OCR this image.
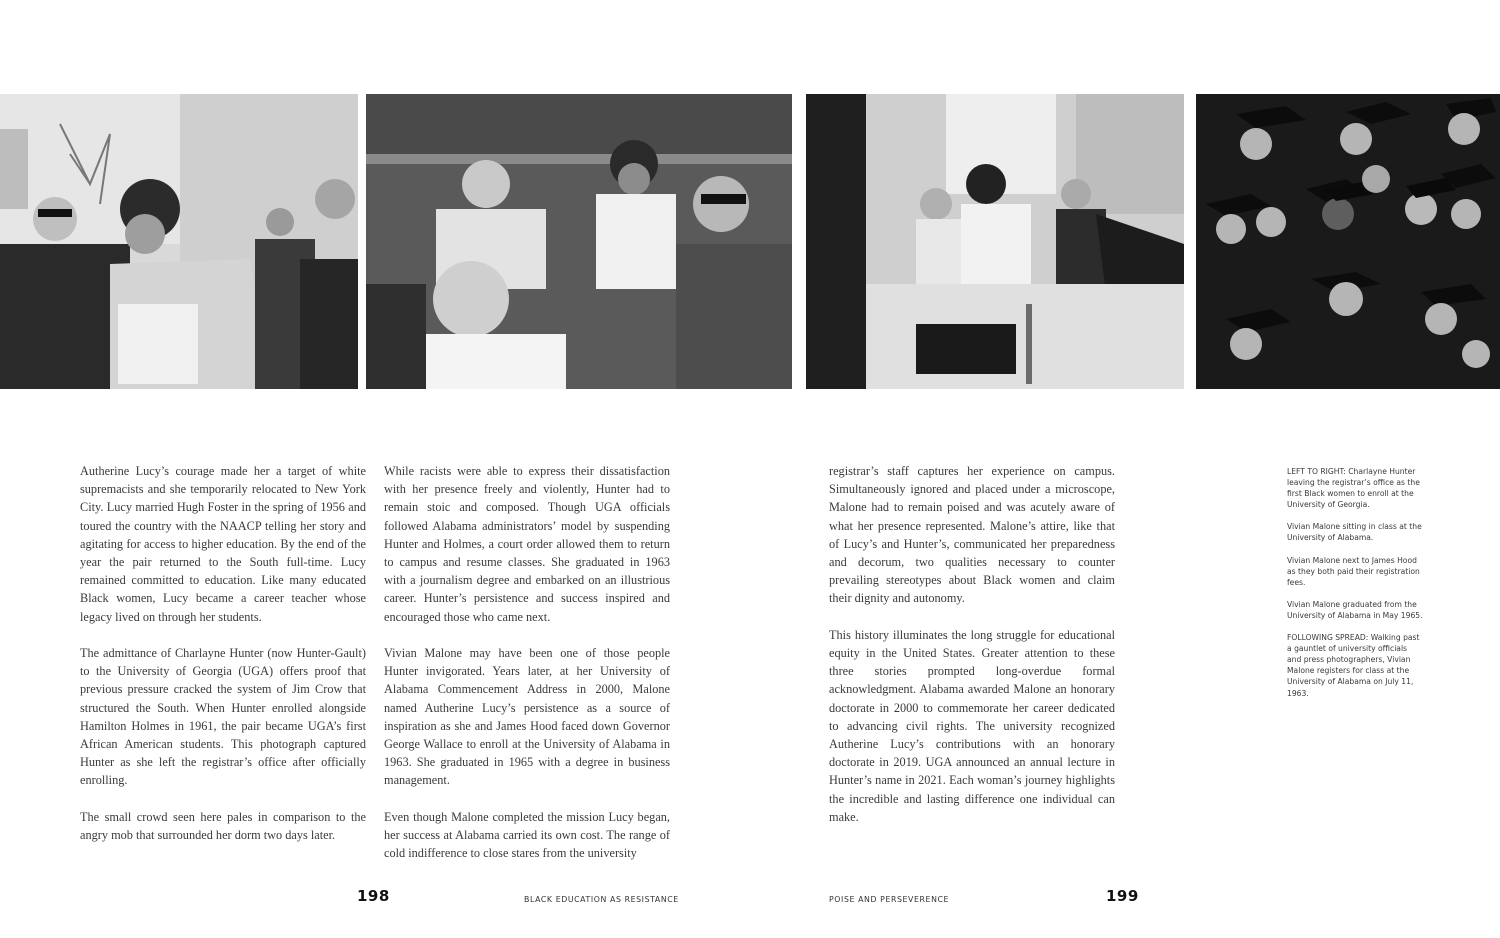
Autherine Lucy’s courage made her a target of white supremacists and she temporarily relocated to New York City. Lucy married Hugh Foster in the spring of 1956 and toured the country with the NAACP telling her story and agitating for access to higher education. By the end of the year the pair returned to the South full-time. Lucy remained committed to education. Like many educated Black women, Lucy became a career teacher whose legacy lived on through her students.

The admittance of Charlayne Hunter (now Hunter-Gault) to the University of Georgia (UGA) offers proof that previous pressure cracked the system of Jim Crow that structured the South. When Hunter enrolled alongside Hamilton Holmes in 1961, the pair became UGA’s first African American students. This photograph captured Hunter as she left the registrar’s office after officially enrolling.

The small crowd seen here pales in comparison to the angry mob that surrounded her dorm two days later.

While racists were able to express their dissatisfaction with her presence freely and violently, Hunter had to remain stoic and composed. Though UGA officials followed Alabama administrators’ model by suspending Hunter and Holmes, a court order allowed them to return to campus and resume classes. She graduated in 1963 with a journalism degree and embarked on an illustrious career. Hunter’s persistence and success inspired and encouraged those who came next.

Vivian Malone may have been one of those people Hunter invigorated. Years later, at her University of Alabama Commencement Address in 2000, Malone named Autherine Lucy’s persistence as a source of inspiration as she and James Hood faced down Governor George Wallace to enroll at the University of Alabama in 1963. She graduated in 1965 with a degree in business management.

Even though Malone completed the mission Lucy began, her success at Alabama carried its own cost. The range of cold indifference to close stares from the university

registrar’s staff captures her experience on campus. Simultaneously ignored and placed under a microscope, Malone had to remain poised and was acutely aware of what her presence represented. Malone’s attire, like that of Lucy’s and Hunter’s, communicated her preparedness and decorum, two qualities necessary to counter prevailing stereotypes about Black women and claim their dignity and autonomy.

This history illuminates the long struggle for educational equity in the United States. Greater attention to these three stories prompted long-overdue formal acknowledgment. Alabama awarded Malone an honorary doctorate in 2000 to commemorate her career dedicated to advancing civil rights. The university recognized Autherine Lucy’s contributions with an honorary doctorate in 2019. UGA announced an annual lecture in Hunter’s name in 2021. Each woman’s journey highlights the incredible and lasting difference one individual can make.

LEFT TO RIGHT: Charlayne Hunter leaving the registrar’s office as the first Black women to enroll at the University of Georgia.

Vivian Malone sitting in class at the University of Alabama.

Vivian Malone next to James Hood as they both paid their registration fees.

Vivian Malone graduated from the University of Alabama in May 1965.

FOLLOWING SPREAD: Walking past a gauntlet of university officials and press photographers, Vivian Malone registers for class at the University of Alabama on July 11, 1963.

198	BLACK EDUCATION AS RESISTANCE	POISE AND PERSEVERENCE	199
